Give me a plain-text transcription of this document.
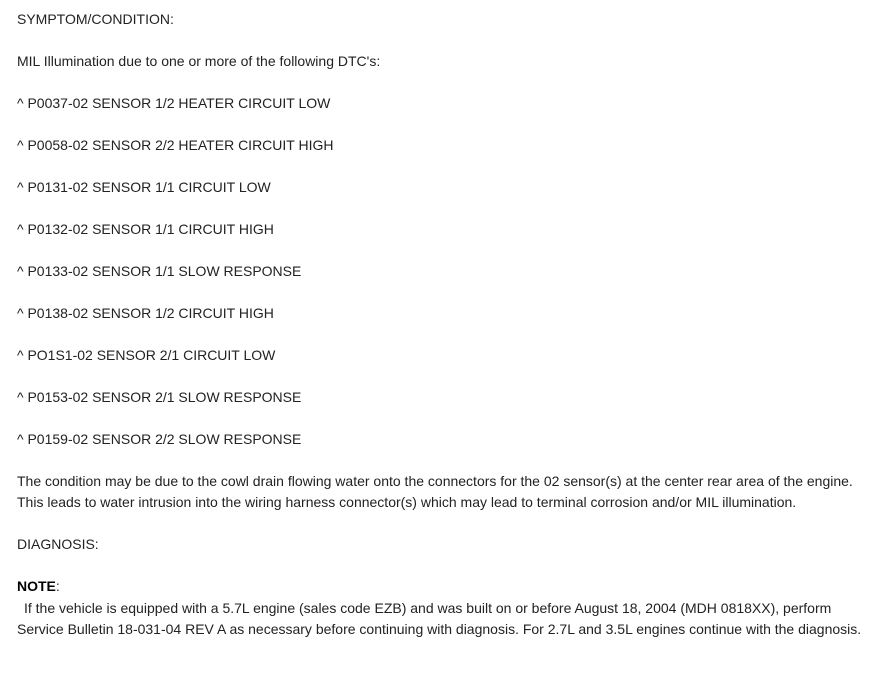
SYMPTOM/CONDITION:
MIL Illumination due to one or more of the following DTC's:
^ P0037-02 SENSOR 1/2 HEATER CIRCUIT LOW
^ P0058-02 SENSOR 2/2 HEATER CIRCUIT HIGH
^ P0131-02 SENSOR 1/1 CIRCUIT LOW
^ P0132-02 SENSOR 1/1 CIRCUIT HIGH
^ P0133-02 SENSOR 1/1 SLOW RESPONSE
^ P0138-02 SENSOR 1/2 CIRCUIT HIGH
^ PO1S1-02 SENSOR 2/1 CIRCUIT LOW
^ P0153-02 SENSOR 2/1 SLOW RESPONSE
^ P0159-02 SENSOR 2/2 SLOW RESPONSE
The condition may be due to the cowl drain flowing water onto the connectors for the 02 sensor(s) at the center rear area of the engine. This leads to water intrusion into the wiring harness connector(s) which may lead to terminal corrosion and/or MIL illumination.
DIAGNOSIS:
NOTE:
If the vehicle is equipped with a 5.7L engine (sales code EZB) and was built on or before August 18, 2004 (MDH 0818XX), perform Service Bulletin 18-031-04 REV A as necessary before continuing with diagnosis. For 2.7L and 3.5L engines continue with the diagnosis.
